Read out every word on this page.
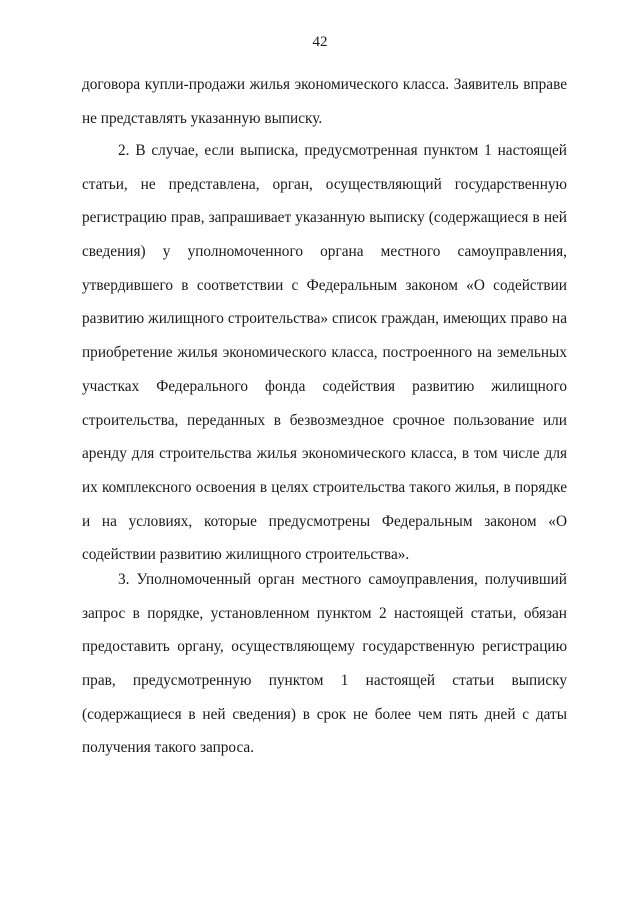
42
договора купли-продажи жилья экономического класса. Заявитель вправе
не представлять указанную выписку.
2. В случае, если выписка, предусмотренная пунктом 1 настоящей
статьи, не представлена, орган, осуществляющий государственную
регистрацию прав, запрашивает указанную выписку (содержащиеся в ней
сведения) у уполномоченного органа местного самоуправления,
утвердившего в соответствии с Федеральным законом «О содействии
развитию жилищного строительства» список граждан, имеющих право на
приобретение жилья экономического класса, построенного на земельных
участках Федерального фонда содействия развитию жилищного
строительства, переданных в безвозмездное срочное пользование или
аренду для строительства жилья экономического класса, в том числе для
их комплексного освоения в целях строительства такого жилья, в порядке
и на условиях, которые предусмотрены Федеральным законом «О
содействии развитию жилищного строительства».
3. Уполномоченный орган местного самоуправления, получивший
запрос в порядке, установленном пунктом 2 настоящей статьи, обязан
предоставить органу, осуществляющему государственную регистрацию
прав, предусмотренную пунктом 1 настоящей статьи выписку
(содержащиеся в ней сведения) в срок не более чем пять дней с даты
получения такого запроса.
